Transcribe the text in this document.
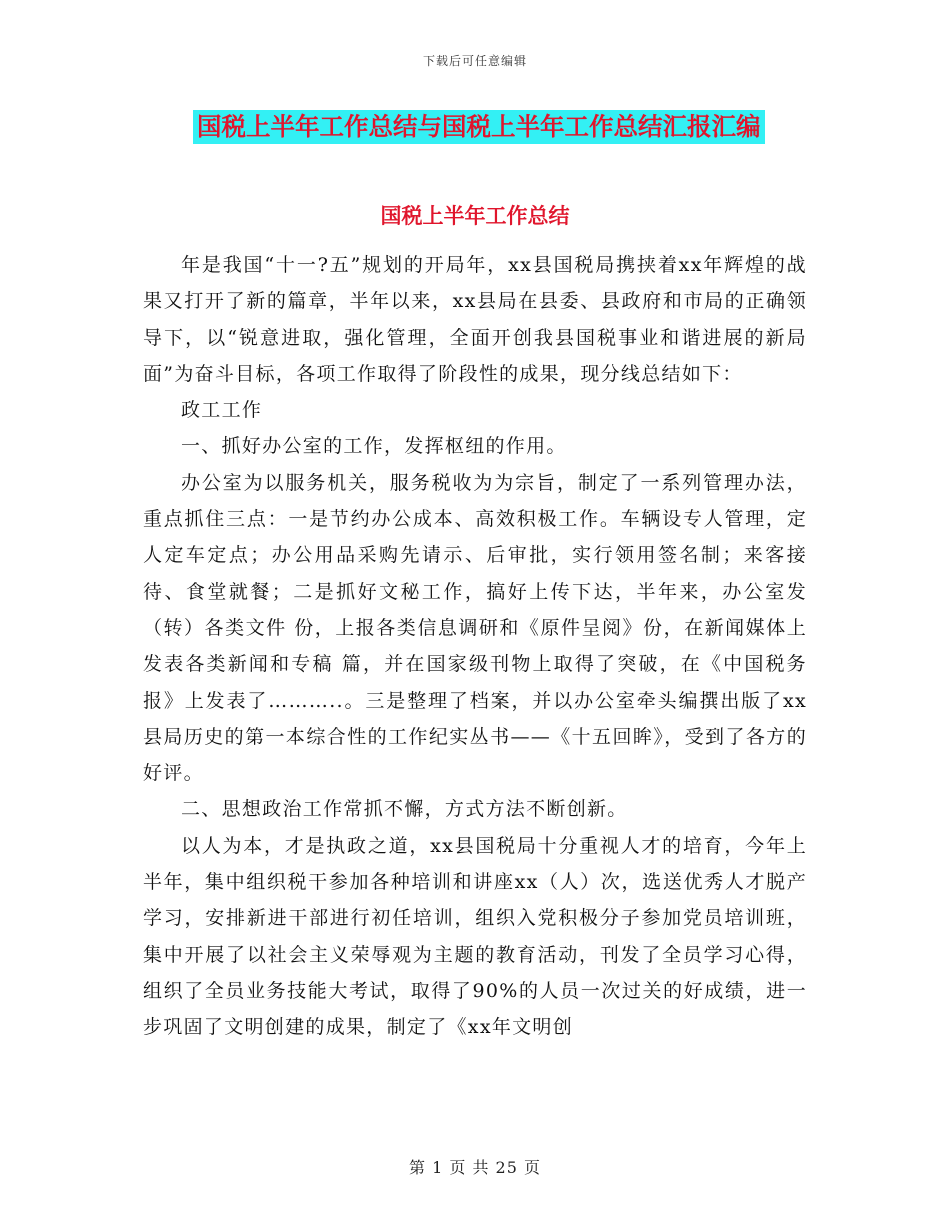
下载后可任意编辑
国税上半年工作总结与国税上半年工作总结汇报汇编
国税上半年工作总结

年是我国“十一?五”规划的开局年，xx县国税局携挟着xx年辉煌的战果又打开了新的篇章，半年以来，xx县局在县委、县政府和市局的正确领导下，以“锐意进取，强化管理，全面开创我县国税事业和谐进展的新局面”为奋斗目标，各项工作取得了阶段性的成果，现分线总结如下：

政工工作

一、抓好办公室的工作，发挥枢纽的作用。

办公室为以服务机关，服务税收为为宗旨，制定了一系列管理办法，重点抓住三点：一是节约办公成本、高效积极工作。车辆设专人管理，定人定车定点；办公用品采购先请示、后审批，实行领用签名制；来客接待、食堂就餐；二是抓好文秘工作，搞好上传下达，半年来，办公室发（转）各类文件 份，上报各类信息调研和《原件呈阅》份，在新闻媒体上发表各类新闻和专稿 篇，并在国家级刊物上取得了突破，在《中国税务报》上发表了………..。三是整理了档案，并以办公室牵头编撰出版了xx县局历史的第一本综合性的工作纪实丛书——《十五回眸》，受到了各方的好评。

二、思想政治工作常抓不懈，方式方法不断创新。

以人为本，才是执政之道，xx县国税局十分重视人才的培育，今年上半年，集中组织税干参加各种培训和讲座xx（人）次，选送优秀人才脱产学习，安排新进干部进行初任培训，组织入党积极分子参加党员培训班，集中开展了以社会主义荣辱观为主题的教育活动，刊发了全员学习心得，组织了全员业务技能大考试，取得了90%的人员一次过关的好成绩，进一步巩固了文明创建的成果，制定了《xx年文明创

第 1 页 共 25 页
